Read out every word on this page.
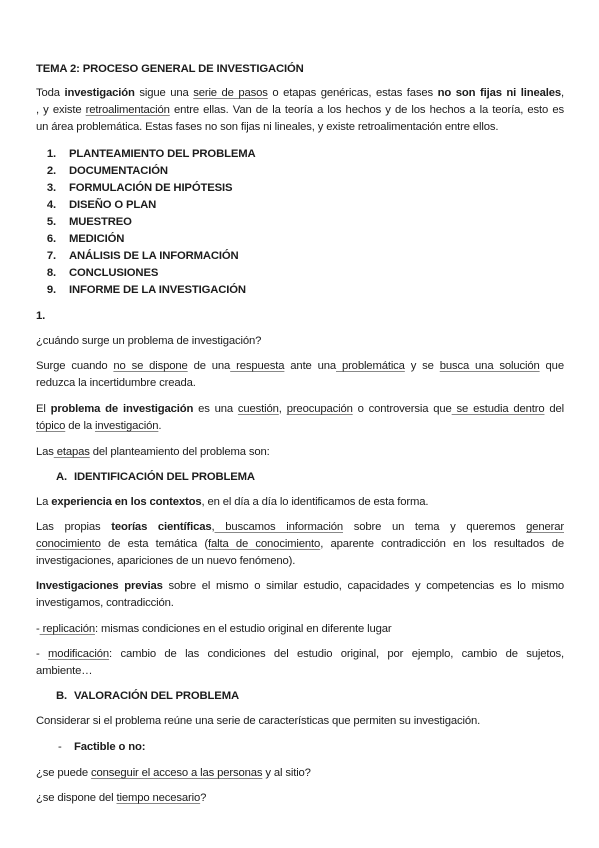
TEMA 2: PROCESO GENERAL DE INVESTIGACIÓN
Toda investigación sigue una serie de pasos o etapas genéricas, estas fases no son fijas ni lineales,
, y existe retroalimentación entre ellas. Van de la teoría a los hechos y de los hechos a la teoría, esto es
un área problemática. Estas fases no son fijas ni lineales, y existe retroalimentación entre ellos.
1. PLANTEAMIENTO DEL PROBLEMA
2. DOCUMENTACIÓN
3. FORMULACIÓN DE HIPÓTESIS
4. DISEÑO O PLAN
5. MUESTREO
6. MEDICIÓN
7. ANÁLISIS DE LA INFORMACIÓN
8. CONCLUSIONES
9. INFORME DE LA INVESTIGACIÓN
1.
¿cuándo surge un problema de investigación?
Surge cuando no se dispone de una respuesta ante una problemática y se busca una solución que
reduzca la incertidumbre creada.
El problema de investigación es una cuestión, preocupación o controversia que se estudia dentro del
tópico de la investigación.
Las etapas del planteamiento del problema son:
A. IDENTIFICACIÓN DEL PROBLEMA
La experiencia en los contextos, en el día a día lo identificamos de esta forma.
Las propias teorías científicas, buscamos información sobre un tema y queremos generar
conocimiento de esta temática (falta de conocimiento, aparente contradicción en los resultados de
investigaciones, apariciones de un nuevo fenómeno).
Investigaciones previas sobre el mismo o similar estudio, capacidades y competencias es lo mismo
investigamos, contradicción.
- replicación: mismas condiciones en el estudio original en diferente lugar
- modificación: cambio de las condiciones del estudio original, por ejemplo, cambio de sujetos,
ambiente…
B. VALORACIÓN DEL PROBLEMA
Considerar si el problema reúne una serie de características que permiten su investigación.
- Factible o no:
¿se puede conseguir el acceso a las personas y al sitio?
¿se dispone del tiempo necesario?
